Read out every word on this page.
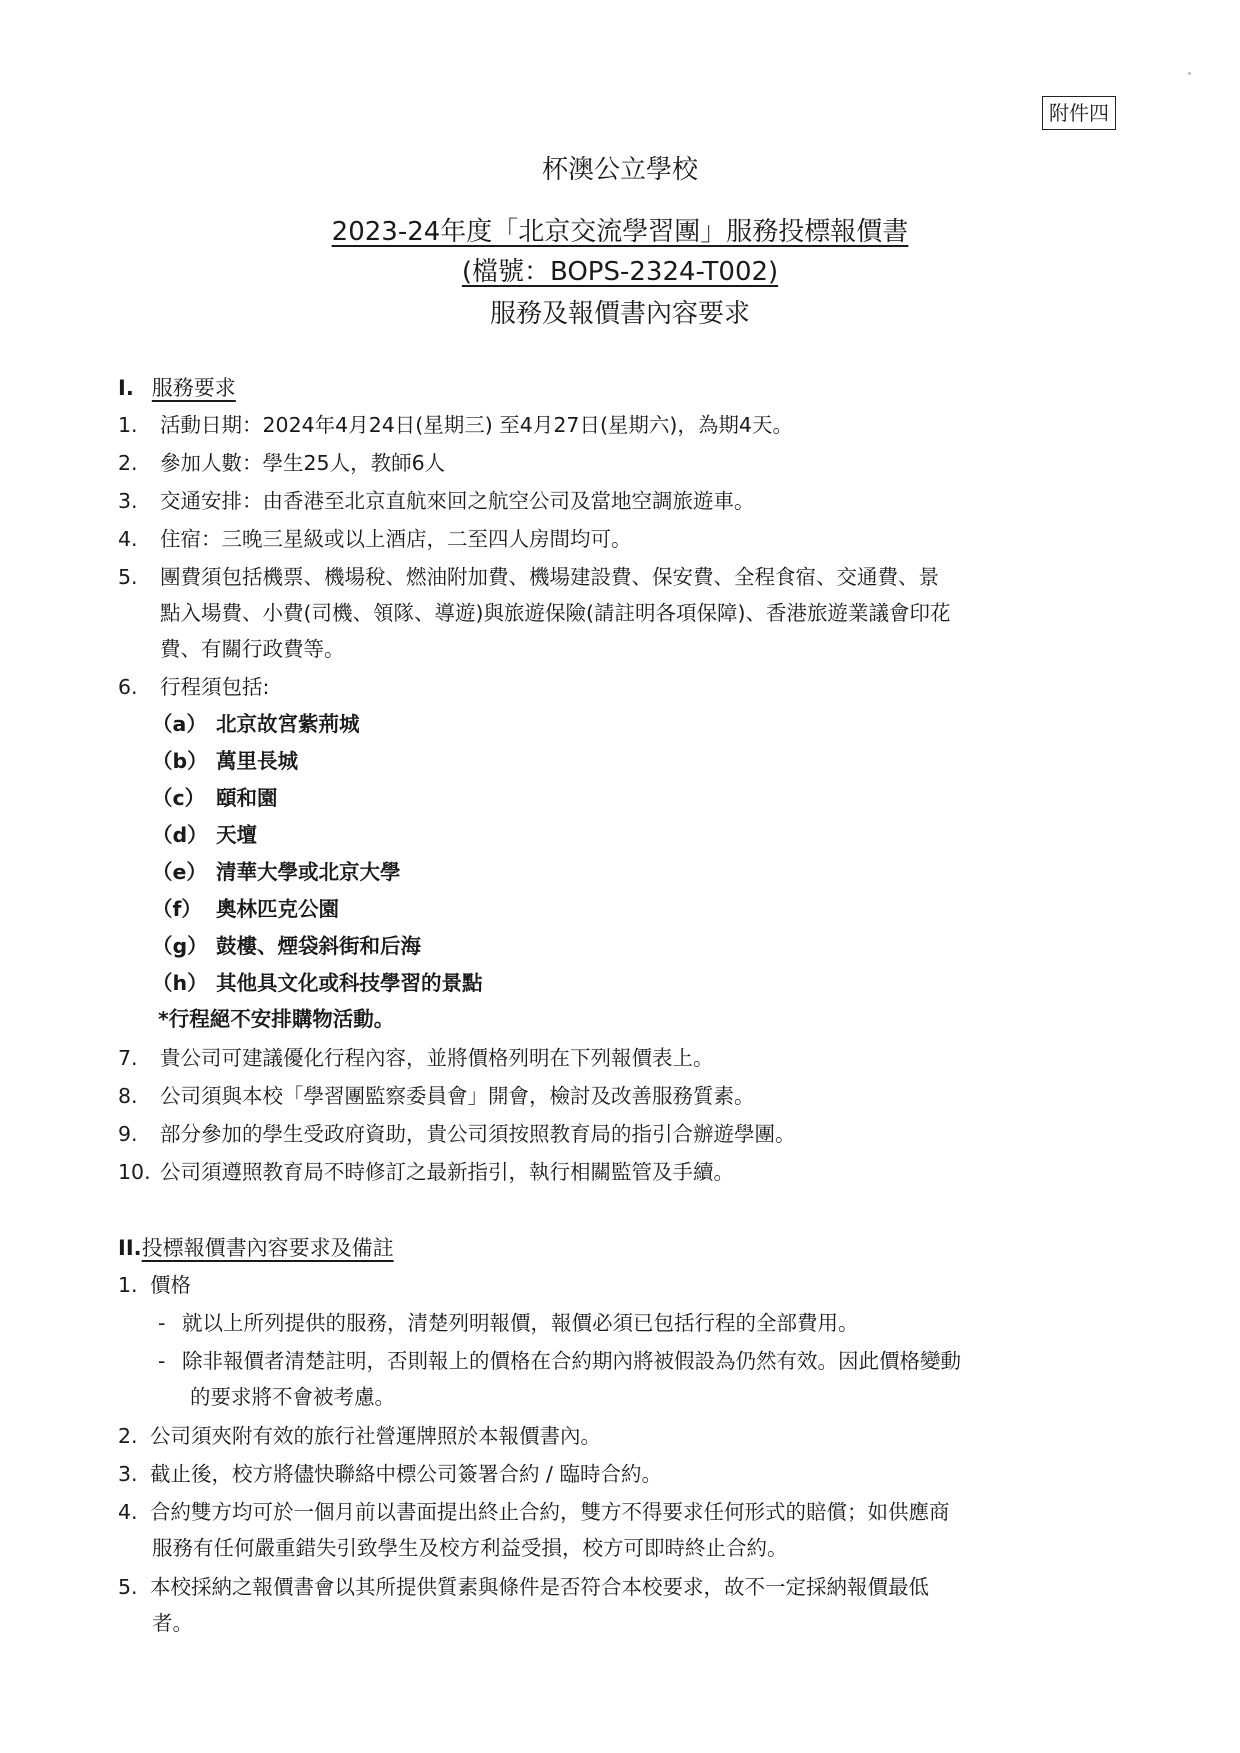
附件四
杯澳公立學校
2023-24年度「北京交流學習團」服務投標報價書
(檔號：BOPS-2324-T002)
服務及報價書內容要求
I. 服務要求
1. 活動日期：2024年4月24日(星期三) 至4月27日(星期六)，為期4天。
2. 參加人數：學生25人，教師6人
3. 交通安排：由香港至北京直航來回之航空公司及當地空調旅遊車。
4. 住宿：三晚三星級或以上酒店，二至四人房間均可。
5. 團費須包括機票、機場稅、燃油附加費、機場建設費、保安費、全程食宿、交通費、景
點入場費、小費(司機、領隊、導遊)與旅遊保險(請註明各項保障)、香港旅遊業議會印花
費、有關行政費等。
6. 行程須包括:
（a） 北京故宮紫荊城
（b） 萬里長城
（c） 頤和園
（d） 天壇
（e） 清華大學或北京大學
（f） 奧林匹克公園
（g） 鼓樓、煙袋斜街和后海
（h） 其他具文化或科技學習的景點
*行程絕不安排購物活動。
7. 貴公司可建議優化行程內容，並將價格列明在下列報價表上。
8. 公司須與本校「學習團監察委員會」開會，檢討及改善服務質素。
9. 部分參加的學生受政府資助，貴公司須按照教育局的指引合辦遊學團。
10. 公司須遵照教育局不時修訂之最新指引，執行相關監管及手續。
II.投標報價書內容要求及備註
1. 價格
- 就以上所列提供的服務，清楚列明報價，報價必須已包括行程的全部費用。
- 除非報價者清楚註明，否則報上的價格在合約期內將被假設為仍然有效。因此價格變動
的要求將不會被考慮。
2. 公司須夾附有效的旅行社營運牌照於本報價書內。
3. 截止後，校方將儘快聯絡中標公司簽署合約 / 臨時合約。
4. 合約雙方均可於一個月前以書面提出終止合約，雙方不得要求任何形式的賠償；如供應商
服務有任何嚴重錯失引致學生及校方利益受損，校方可即時終止合約。
5. 本校採納之報價書會以其所提供質素與條件是否符合本校要求，故不一定採納報價最低
者。
